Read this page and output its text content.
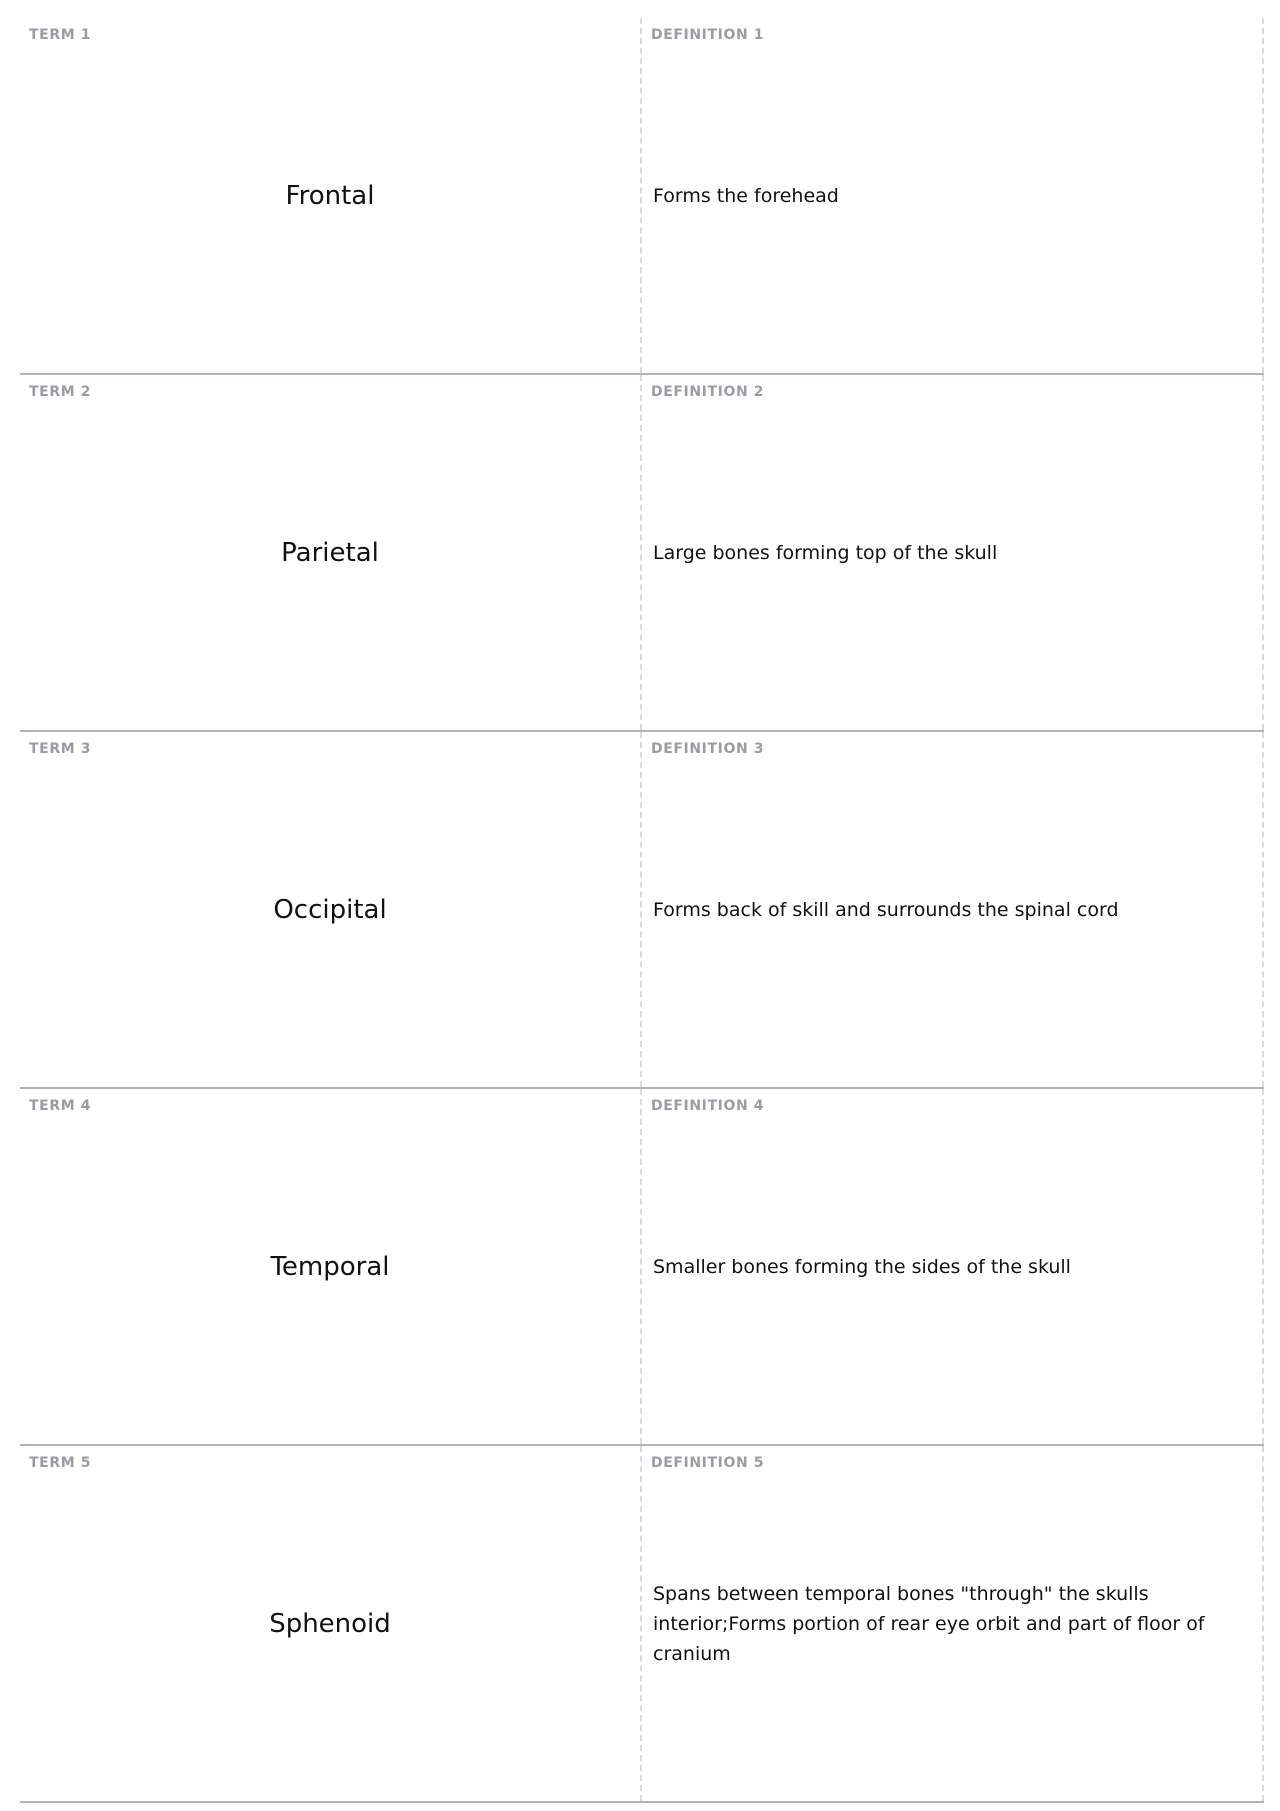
TERM 1
Frontal
DEFINITION 1
Forms the forehead
TERM 2
Parietal
DEFINITION 2
Large bones forming top of the skull
TERM 3
Occipital
DEFINITION 3
Forms back of skill and surrounds the spinal cord
TERM 4
Temporal
DEFINITION 4
Smaller bones forming the sides of the skull
TERM 5
Sphenoid
DEFINITION 5
Spans between temporal bones "through" the skulls interior;Forms portion of rear eye orbit and part of floor of cranium
